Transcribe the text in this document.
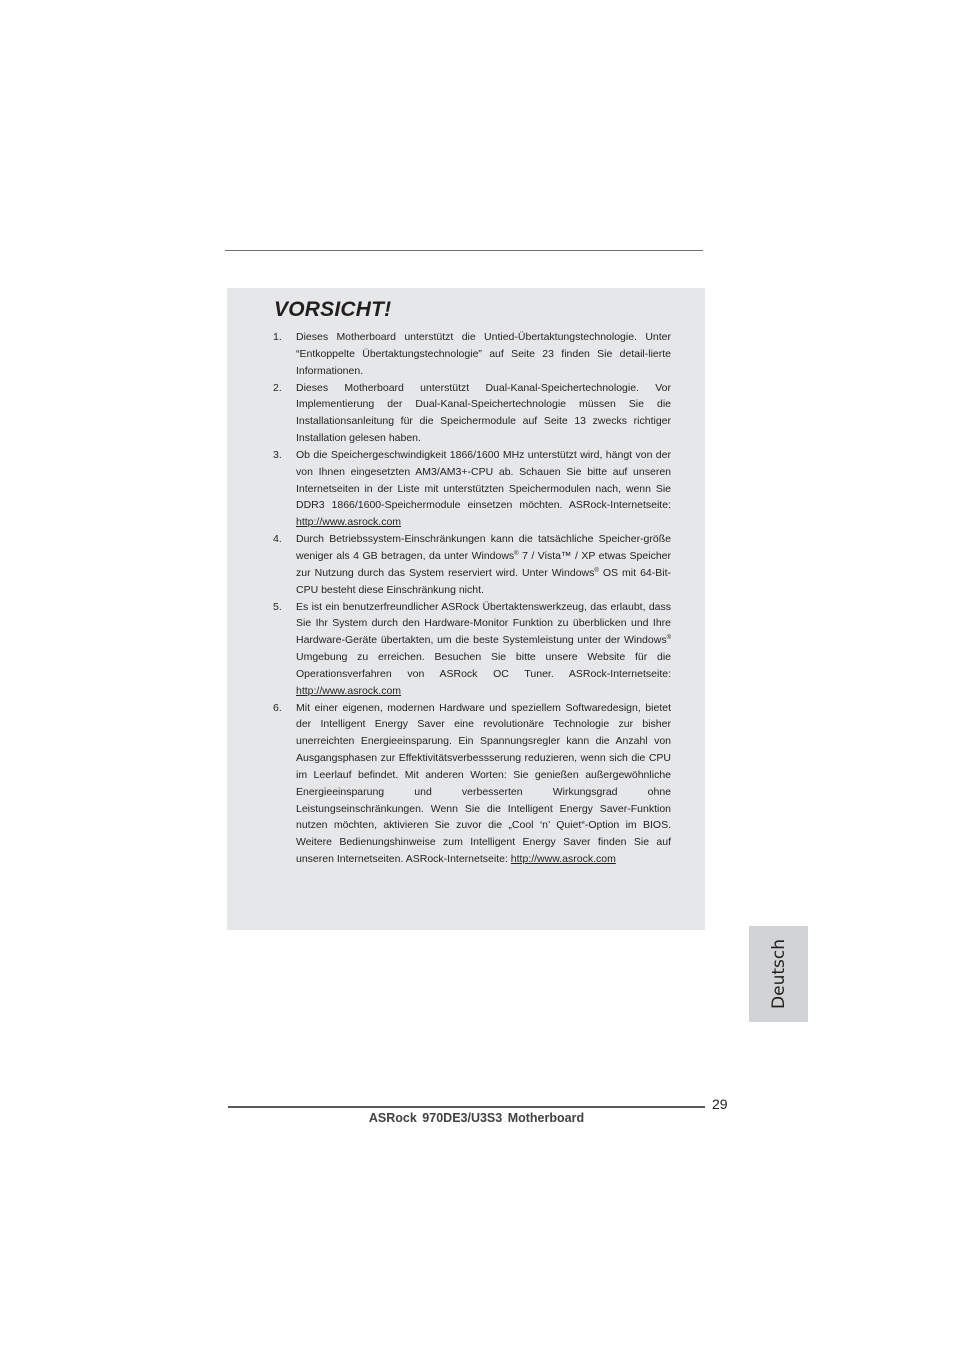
VORSICHT!
1. Dieses Motherboard unterstützt die Untied-Übertaktungstechnologie. Unter “Entkoppelte Übertaktungstechnologie” auf Seite 23 finden Sie detail-lierte Informationen.
2. Dieses Motherboard unterstützt Dual-Kanal-Speichertechnologie. Vor Implementierung der Dual-Kanal-Speichertechnologie müssen Sie die Installationsanleitung für die Speichermodule auf Seite 13 zwecks richtiger Installation gelesen haben.
3. Ob die Speichergeschwindigkeit 1866/1600 MHz unterstützt wird, hängt von der von Ihnen eingesetzten AM3/AM3+-CPU ab. Schauen Sie bitte auf unseren Internetseiten in der Liste mit unterstützten Speichermodulen nach, wenn Sie DDR3 1866/1600-Speichermodule einsetzen möchten. ASRock-Internetseite: http://www.asrock.com
4. Durch Betriebssystem-Einschränkungen kann die tatsächliche Speicher-größe weniger als 4 GB betragen, da unter Windows® 7 / Vista™ / XP etwas Speicher zur Nutzung durch das System reserviert wird. Unter Windows® OS mit 64-Bit-CPU besteht diese Einschränkung nicht.
5. Es ist ein benutzerfreundlicher ASRock Übertaktenswerkzeug, das erlaubt, dass Sie Ihr System durch den Hardware-Monitor Funktion zu überblicken und Ihre Hardware-Geräte übertakten, um die beste Systemleistung unter der Windows® Umgebung zu erreichen. Besuchen Sie bitte unsere Website für die Operationsverfahren von ASRock OC Tuner. ASRock-Internetseite: http://www.asrock.com
6. Mit einer eigenen, modernen Hardware und speziellem Softwaredesign, bietet der Intelligent Energy Saver eine revolutionäre Technologie zur bisher unerreichten Energieeinsparung. Ein Spannungsregler kann die Anzahl von Ausgangsphasen zur Effektivitätsverbessserung reduzieren, wenn sich die CPU im Leerlauf befindet. Mit anderen Worten: Sie genießen außergewöhnliche Energieeinsparung und verbesserten Wirkungsgrad ohne Leistungseinschränkungen. Wenn Sie die Intelligent Energy Saver-Funktion nutzen möchten, aktivieren Sie zuvor die „Cool ‘n’ Quiet“-Option im BIOS. Weitere Bedienungshinweise zum Intelligent Energy Saver finden Sie auf unseren Internetseiten. ASRock-Internetseite: http://www.asrock.com
Deutsch
29
ASRock 970DE3/U3S3 Motherboard
